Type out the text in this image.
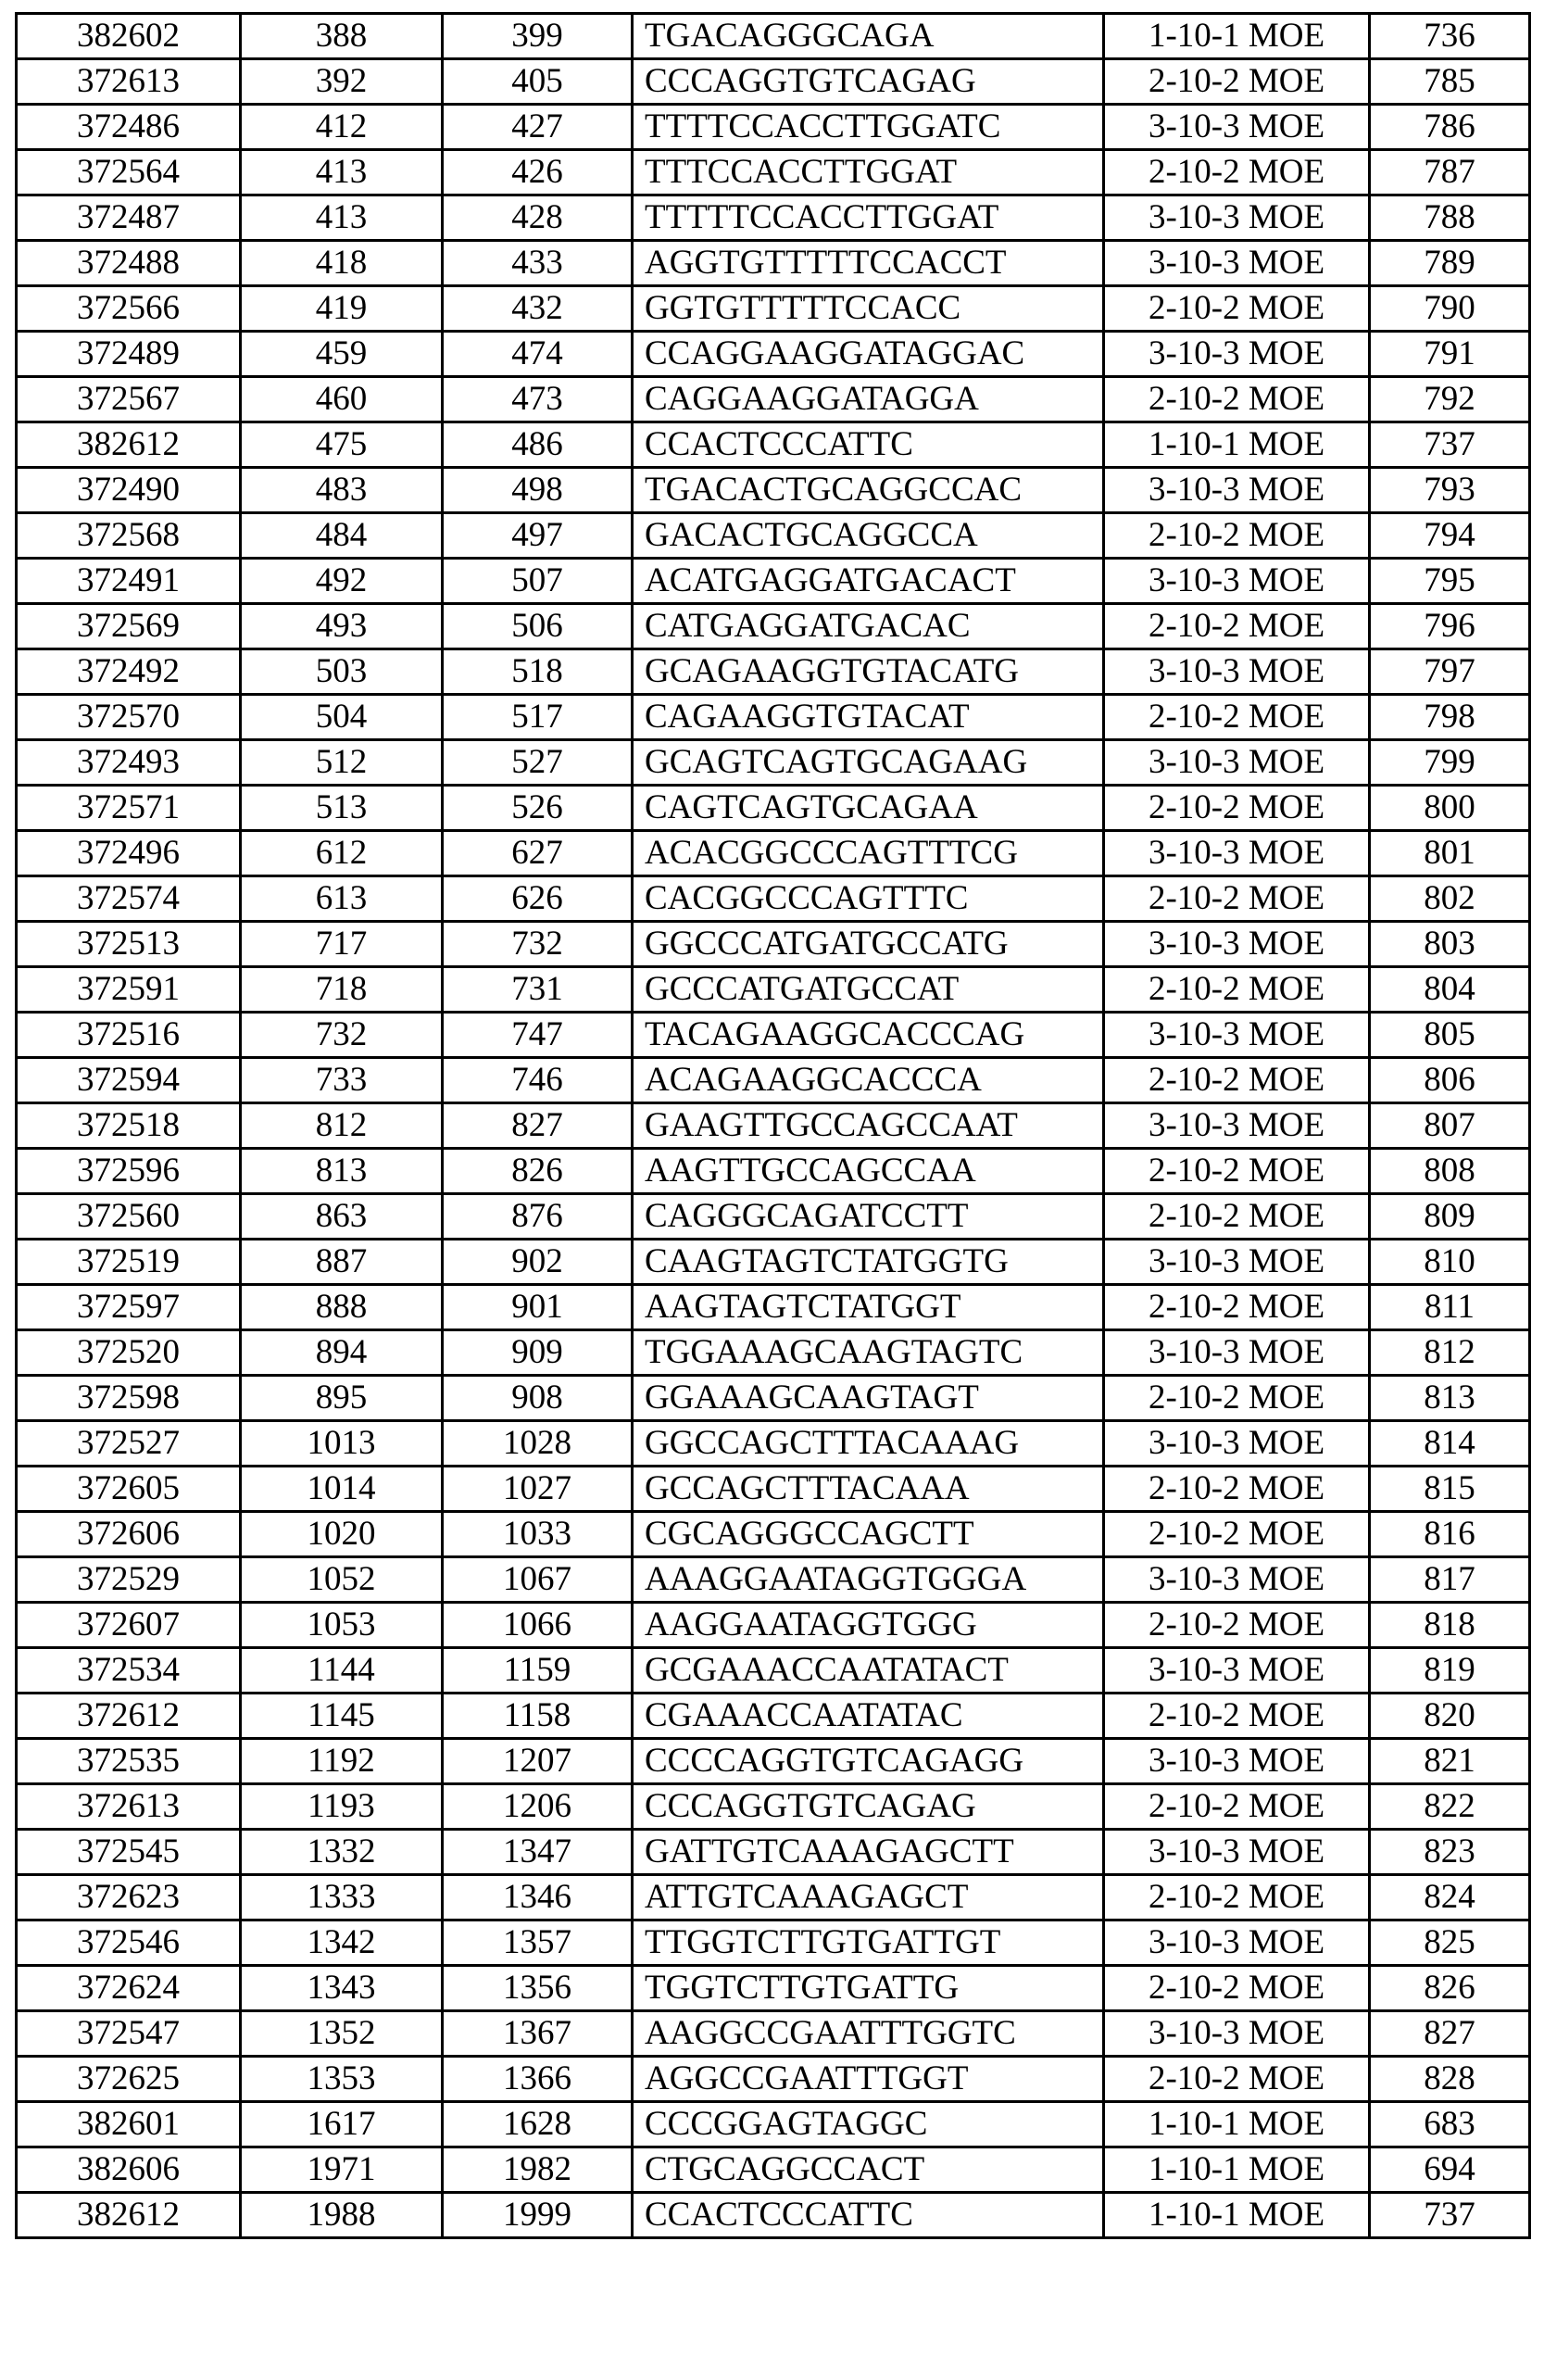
382602	388	399	TGACAGGGCAGA	1-10-1 MOE	736
372613	392	405	CCCAGGTGTCAGAG	2-10-2 MOE	785
372486	412	427	TTTTCCACCTTGGATC	3-10-3 MOE	786
372564	413	426	TTTCCACCTTGGAT	2-10-2 MOE	787
372487	413	428	TTTTTCCACCTTGGAT	3-10-3 MOE	788
372488	418	433	AGGTGTTTTTCCACCT	3-10-3 MOE	789
372566	419	432	GGTGTTTTTCCACC	2-10-2 MOE	790
372489	459	474	CCAGGAAGGATAGGAC	3-10-3 MOE	791
372567	460	473	CAGGAAGGATAGGA	2-10-2 MOE	792
382612	475	486	CCACTCCCATTC	1-10-1 MOE	737
372490	483	498	TGACACTGCAGGCCAC	3-10-3 MOE	793
372568	484	497	GACACTGCAGGCCA	2-10-2 MOE	794
372491	492	507	ACATGAGGATGACACT	3-10-3 MOE	795
372569	493	506	CATGAGGATGACAC	2-10-2 MOE	796
372492	503	518	GCAGAAGGTGTACATG	3-10-3 MOE	797
372570	504	517	CAGAAGGTGTACAT	2-10-2 MOE	798
372493	512	527	GCAGTCAGTGCAGAAG	3-10-3 MOE	799
372571	513	526	CAGTCAGTGCAGAA	2-10-2 MOE	800
372496	612	627	ACACGGCCCAGTTTCG	3-10-3 MOE	801
372574	613	626	CACGGCCCAGTTTC	2-10-2 MOE	802
372513	717	732	GGCCCATGATGCCATG	3-10-3 MOE	803
372591	718	731	GCCCATGATGCCAT	2-10-2 MOE	804
372516	732	747	TACAGAAGGCACCCAG	3-10-3 MOE	805
372594	733	746	ACAGAAGGCACCCA	2-10-2 MOE	806
372518	812	827	GAAGTTGCCAGCCAAT	3-10-3 MOE	807
372596	813	826	AAGTTGCCAGCCAA	2-10-2 MOE	808
372560	863	876	CAGGGCAGATCCTT	2-10-2 MOE	809
372519	887	902	CAAGTAGTCTATGGTG	3-10-3 MOE	810
372597	888	901	AAGTAGTCTATGGT	2-10-2 MOE	811
372520	894	909	TGGAAAGCAAGTAGTC	3-10-3 MOE	812
372598	895	908	GGAAAGCAAGTAGT	2-10-2 MOE	813
372527	1013	1028	GGCCAGCTTTACAAAG	3-10-3 MOE	814
372605	1014	1027	GCCAGCTTTACAAA	2-10-2 MOE	815
372606	1020	1033	CGCAGGGCCAGCTT	2-10-2 MOE	816
372529	1052	1067	AAAGGAATAGGTGGGA	3-10-3 MOE	817
372607	1053	1066	AAGGAATAGGTGGG	2-10-2 MOE	818
372534	1144	1159	GCGAAACCAATATACT	3-10-3 MOE	819
372612	1145	1158	CGAAACCAATATAC	2-10-2 MOE	820
372535	1192	1207	CCCCAGGTGTCAGAGG	3-10-3 MOE	821
372613	1193	1206	CCCAGGTGTCAGAG	2-10-2 MOE	822
372545	1332	1347	GATTGTCAAAGAGCTT	3-10-3 MOE	823
372623	1333	1346	ATTGTCAAAGAGCT	2-10-2 MOE	824
372546	1342	1357	TTGGTCTTGTGATTGT	3-10-3 MOE	825
372624	1343	1356	TGGTCTTGTGATTG	2-10-2 MOE	826
372547	1352	1367	AAGGCCGAATTTGGTC	3-10-3 MOE	827
372625	1353	1366	AGGCCGAATTTGGT	2-10-2 MOE	828
382601	1617	1628	CCCGGAGTAGGC	1-10-1 MOE	683
382606	1971	1982	CTGCAGGCCACT	1-10-1 MOE	694
382612	1988	1999	CCACTCCCATTC	1-10-1 MOE	737
